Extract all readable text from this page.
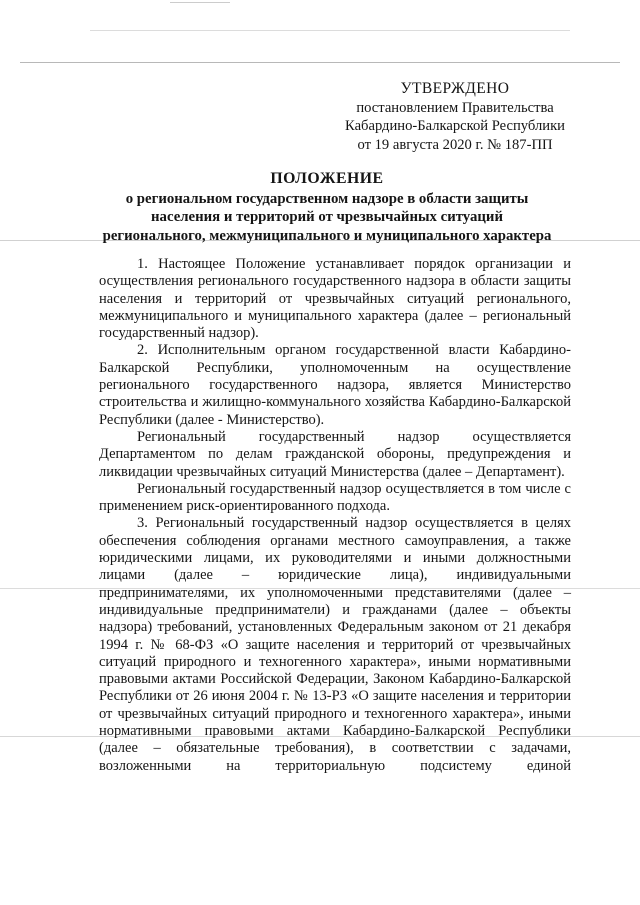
УТВЕРЖДЕНО
постановлением Правительства
Кабардино-Балкарской Республики
от 19 августа 2020 г. № 187-ПП
ПОЛОЖЕНИЕ
о региональном государственном надзоре в области защиты
населения и территорий от чрезвычайных ситуаций
регионального, межмуниципального и муниципального характера

1. Настоящее Положение устанавливает порядок организации и осуществления регионального государственного надзора в области защиты населения и территорий от чрезвычайных ситуаций регионального, межмуниципального и муниципального характера (далее – региональный государственный надзор).

2. Исполнительным органом государственной власти Кабардино-Балкарской Республики, уполномоченным на осуществление регионального государственного надзора, является Министерство строительства и жилищно-коммунального хозяйства Кабардино-Балкарской Республики (далее - Министерство).

Региональный государственный надзор осуществляется Департаментом по делам гражданской обороны, предупреждения и ликвидации чрезвычайных ситуаций Министерства (далее – Департамент).

Региональный государственный надзор осуществляется в том числе с применением риск-ориентированного подхода.

3. Региональный государственный надзор осуществляется в целях обеспечения соблюдения органами местного самоуправления, а также юридическими лицами, их руководителями и иными должностными лицами (далее – юридические лица), индивидуальными предпринимателями, их уполномоченными представителями (далее – индивидуальные предприниматели) и гражданами (далее – объекты надзора) требований, установленных Федеральным законом от 21 декабря 1994 г. № 68-ФЗ «О защите населения и территорий от чрезвычайных ситуаций природного и техногенного характера», иными нормативными правовыми актами Российской Федерации, Законом Кабардино-Балкарской Республики от 26 июня 2004 г. № 13-РЗ «О защите населения и территории от чрезвычайных ситуаций природного и техногенного характера», иными нормативными правовыми актами Кабардино-Балкарской Республики (далее – обязательные требования), в соответствии с задачами, возложенными на территориальную подсистему единой
